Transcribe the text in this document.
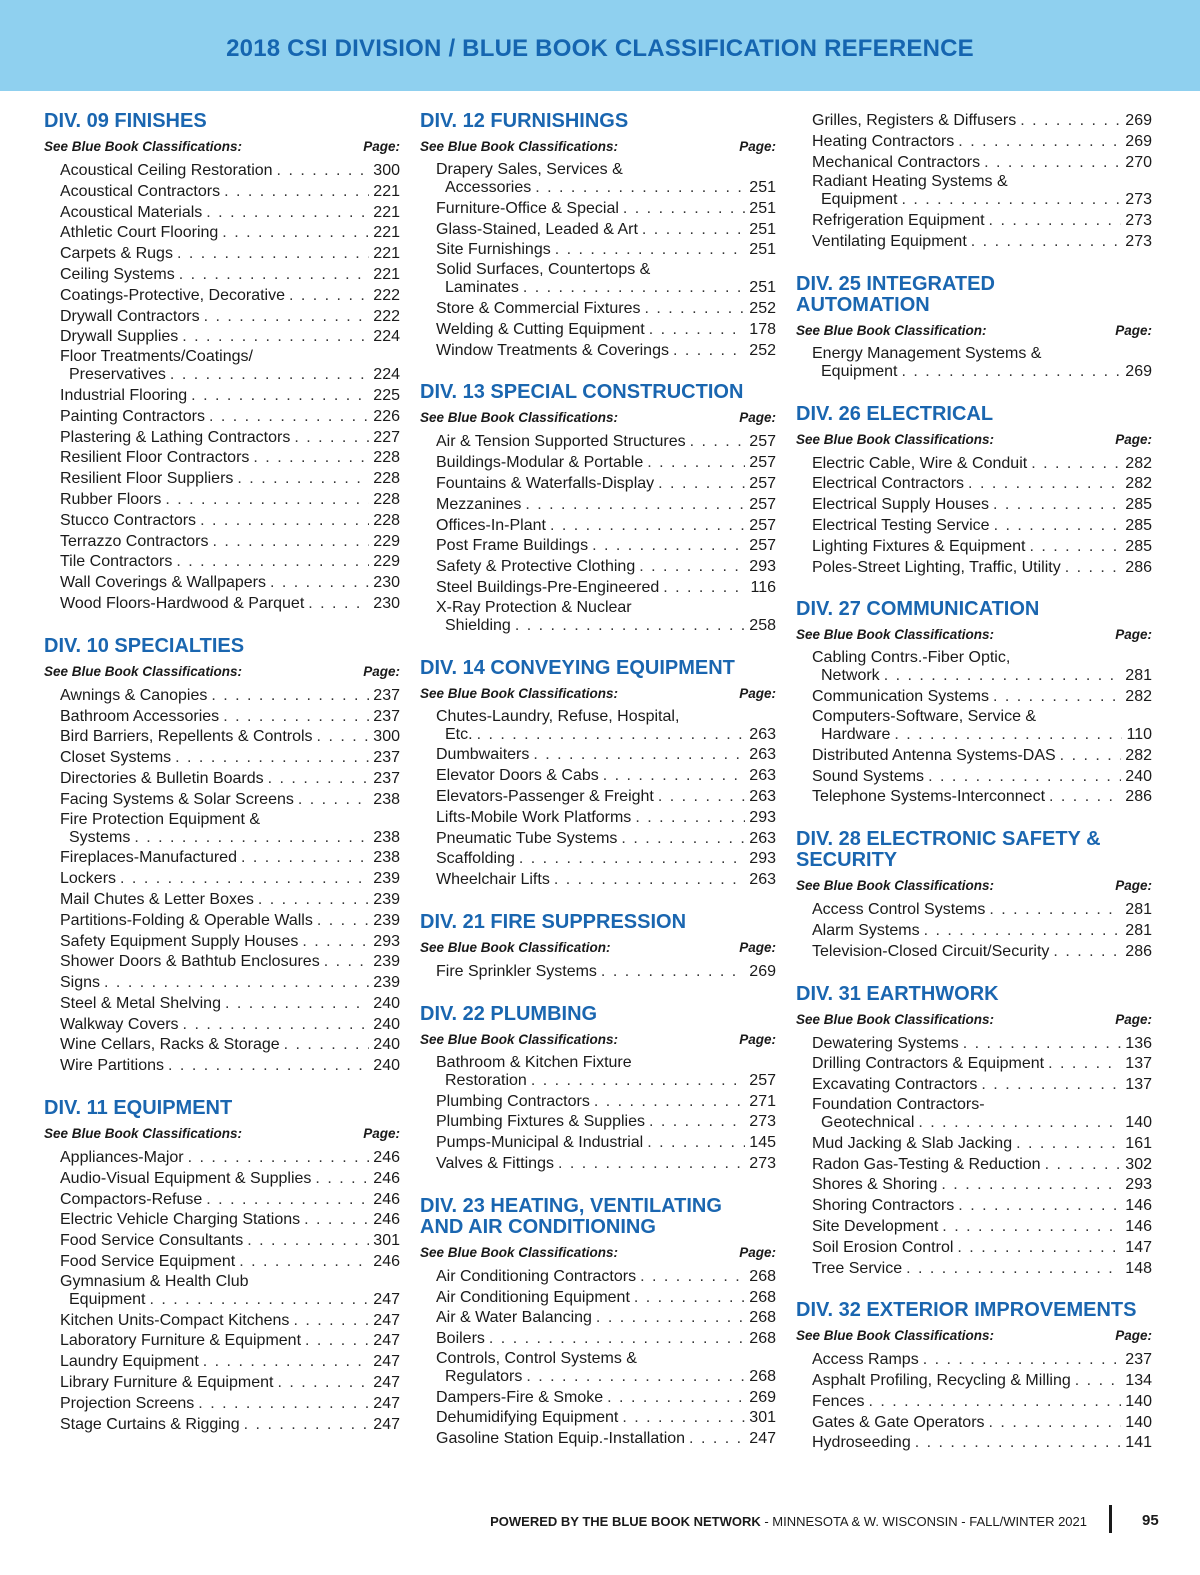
2018 CSI DIVISION / BLUE BOOK CLASSIFICATION REFERENCE
DIV. 09 FINISHES
See Blue Book Classifications:	Page:
Acoustical Ceiling Restoration . . .	300
Acoustical Contractors . . .	221
Acoustical Materials . . .	221
Athletic Court Flooring . . .	221
Carpets & Rugs . . .	221
Ceiling Systems . . .	221
Coatings-Protective, Decorative . . .	222
Drywall Contractors . . .	222
Drywall Supplies . . .	224
Floor Treatments/Coatings/
Preservatives . . .	224
Industrial Flooring . . .	225
Painting Contractors . . .	226
Plastering & Lathing Contractors . . .	227
Resilient Floor Contractors . . .	228
Resilient Floor Suppliers . . .	228
Rubber Floors . . .	228
Stucco Contractors . . .	228
Terrazzo Contractors . . .	229
Tile Contractors . . .	229
Wall Coverings & Wallpapers . . .	230
Wood Floors-Hardwood & Parquet . . .	230
DIV. 10 SPECIALTIES
See Blue Book Classifications:	Page:
Awnings & Canopies . . .	237
Bathroom Accessories . . .	237
Bird Barriers, Repellents & Controls . . .	300
Closet Systems . . .	237
Directories & Bulletin Boards . . .	237
Facing Systems & Solar Screens . . .	238
Fire Protection Equipment &
Systems . . .	238
Fireplaces-Manufactured . . .	238
Lockers . . .	239
Mail Chutes & Letter Boxes . . .	239
Partitions-Folding & Operable Walls . . .	239
Safety Equipment Supply Houses . . .	293
Shower Doors & Bathtub Enclosures . . .	239
Signs . . .	239
Steel & Metal Shelving . . .	240
Walkway Covers . . .	240
Wine Cellars, Racks & Storage . . .	240
Wire Partitions . . .	240
DIV. 11 EQUIPMENT
See Blue Book Classifications:	Page:
Appliances-Major . . .	246
Audio-Visual Equipment & Supplies . . .	246
Compactors-Refuse . . .	246
Electric Vehicle Charging Stations . . .	246
Food Service Consultants . . .	301
Food Service Equipment . . .	246
Gymnasium & Health Club
Equipment . . .	247
Kitchen Units-Compact Kitchens . . .	247
Laboratory Furniture & Equipment . . .	247
Laundry Equipment . . .	247
Library Furniture & Equipment . . .	247
Projection Screens . . .	247
Stage Curtains & Rigging . . .	247
DIV. 12 FURNISHINGS
See Blue Book Classifications:	Page:
Drapery Sales, Services &
Accessories . . .	251
Furniture-Office & Special . . .	251
Glass-Stained, Leaded & Art . . .	251
Site Furnishings . . .	251
Solid Surfaces, Countertops &
Laminates . . .	251
Store & Commercial Fixtures . . .	252
Welding & Cutting Equipment . . .	178
Window Treatments & Coverings . . .	252
DIV. 13 SPECIAL CONSTRUCTION
See Blue Book Classifications:	Page:
Air & Tension Supported Structures . . .	257
Buildings-Modular & Portable . . .	257
Fountains & Waterfalls-Display . . .	257
Mezzanines . . .	257
Offices-In-Plant . . .	257
Post Frame Buildings . . .	257
Safety & Protective Clothing . . .	293
Steel Buildings-Pre-Engineered . . .	116
X-Ray Protection & Nuclear
Shielding . . .	258
DIV. 14 CONVEYING EQUIPMENT
See Blue Book Classifications:	Page:
Chutes-Laundry, Refuse, Hospital,
Etc. . . .	263
Dumbwaiters . . .	263
Elevator Doors & Cabs . . .	263
Elevators-Passenger & Freight . . .	263
Lifts-Mobile Work Platforms . . .	293
Pneumatic Tube Systems . . .	263
Scaffolding . . .	293
Wheelchair Lifts . . .	263
DIV. 21 FIRE SUPPRESSION
See Blue Book Classification:	Page:
Fire Sprinkler Systems . . .	269
DIV. 22 PLUMBING
See Blue Book Classifications:	Page:
Bathroom & Kitchen Fixture
Restoration . . .	257
Plumbing Contractors . . .	271
Plumbing Fixtures & Supplies . . .	273
Pumps-Municipal & Industrial . . .	145
Valves & Fittings . . .	273
DIV. 23 HEATING, VENTILATING
AND AIR CONDITIONING
See Blue Book Classifications:	Page:
Air Conditioning Contractors . . .	268
Air Conditioning Equipment . . .	268
Air & Water Balancing . . .	268
Boilers . . .	268
Controls, Control Systems &
Regulators . . .	268
Dampers-Fire & Smoke . . .	269
Dehumidifying Equipment . . .	301
Gasoline Station Equip.-Installation . . .	247
Grilles, Registers & Diffusers . . .	269
Heating Contractors . . .	269
Mechanical Contractors . . .	270
Radiant Heating Systems &
Equipment . . .	273
Refrigeration Equipment . . .	273
Ventilating Equipment . . .	273
DIV. 25 INTEGRATED
AUTOMATION
See Blue Book Classification:	Page:
Energy Management Systems &
Equipment . . .	269
DIV. 26 ELECTRICAL
See Blue Book Classifications:	Page:
Electric Cable, Wire & Conduit . . .	282
Electrical Contractors . . .	282
Electrical Supply Houses . . .	285
Electrical Testing Service . . .	285
Lighting Fixtures & Equipment . . .	285
Poles-Street Lighting, Traffic, Utility . . .	286
DIV. 27 COMMUNICATION
See Blue Book Classifications:	Page:
Cabling Contrs.-Fiber Optic,
Network . . .	281
Communication Systems . . .	282
Computers-Software, Service &
Hardware . . .	110
Distributed Antenna Systems-DAS . . .	282
Sound Systems . . .	240
Telephone Systems-Interconnect . . .	286
DIV. 28 ELECTRONIC SAFETY &
SECURITY
See Blue Book Classifications:	Page:
Access Control Systems . . .	281
Alarm Systems . . .	281
Television-Closed Circuit/Security . . .	286
DIV. 31 EARTHWORK
See Blue Book Classifications:	Page:
Dewatering Systems . . .	136
Drilling Contractors & Equipment . . .	137
Excavating Contractors . . .	137
Foundation Contractors-
Geotechnical . . .	140
Mud Jacking & Slab Jacking . . .	161
Radon Gas-Testing & Reduction . . .	302
Shores & Shoring . . .	293
Shoring Contractors . . .	146
Site Development . . .	146
Soil Erosion Control . . .	147
Tree Service . . .	148
DIV. 32 EXTERIOR IMPROVEMENTS
See Blue Book Classifications:	Page:
Access Ramps . . .	237
Asphalt Profiling, Recycling & Milling . . .	134
Fences . . .	140
Gates & Gate Operators . . .	140
Hydroseeding . . .	141
POWERED BY THE BLUE BOOK NETWORK - MINNESOTA & W. WISCONSIN - FALL/WINTER 2021	95
